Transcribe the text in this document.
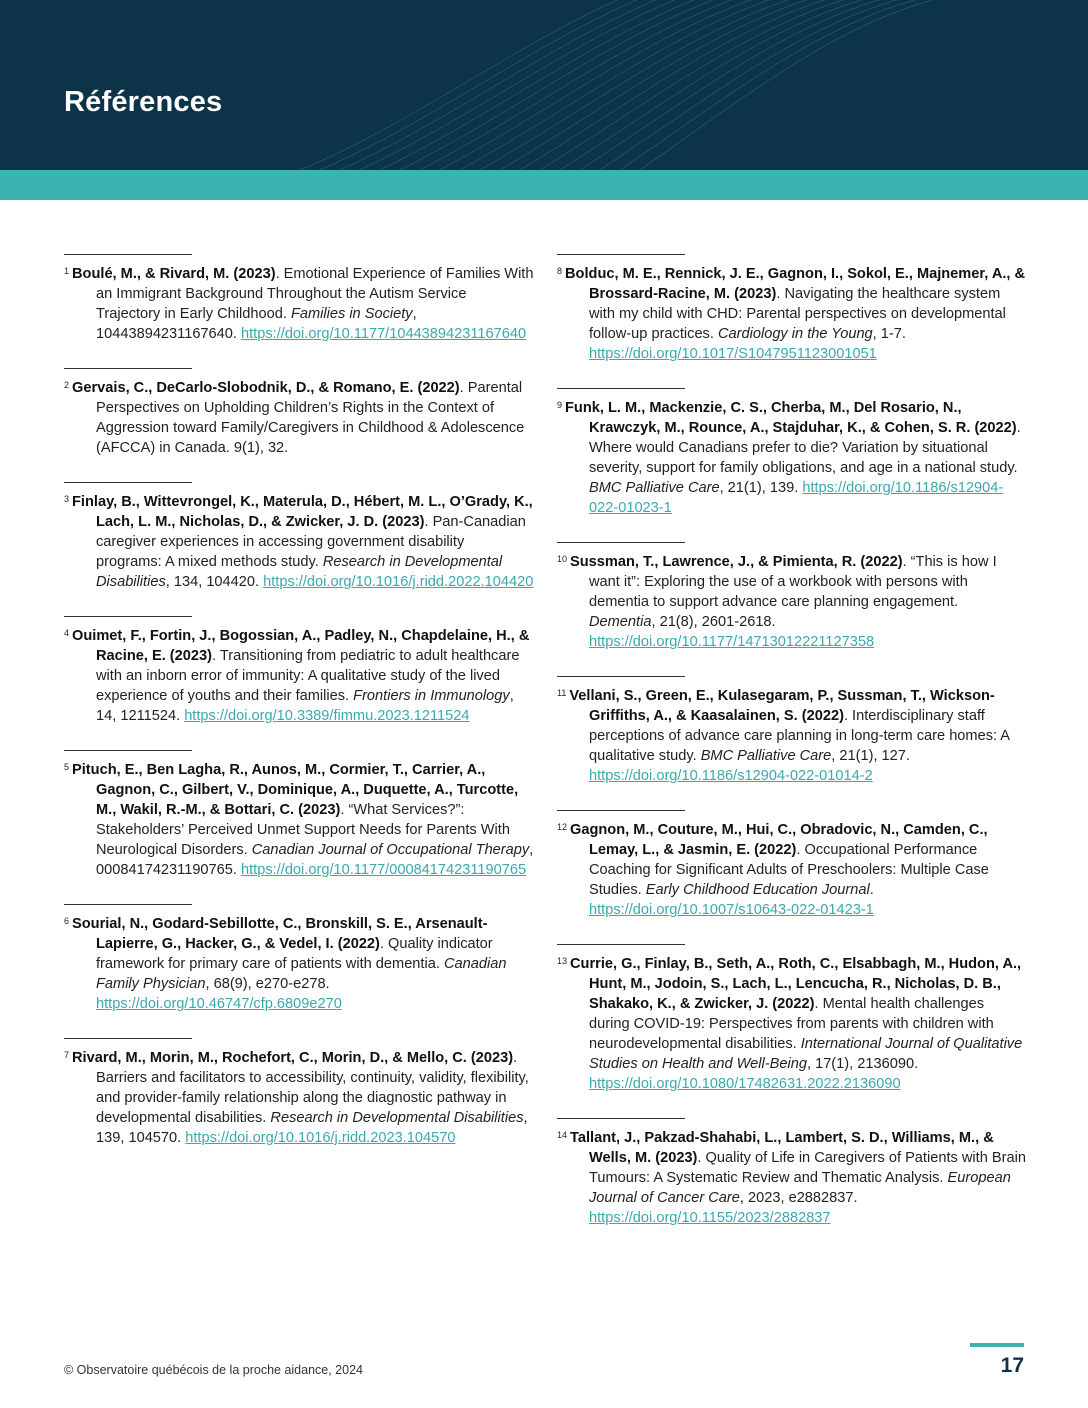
Références
$^1$ Boulé, M., & Rivard, M. (2023). Emotional Experience of Families With an Immigrant Background Throughout the Autism Service Trajectory in Early Childhood. Families in Society, 10443894231167640. https://doi.org/10.1177/10443894231167640
$^2$ Gervais, C., DeCarlo-Slobodnik, D., & Romano, E. (2022). Parental Perspectives on Upholding Children’s Rights in the Context of Aggression toward Family/Caregivers in Childhood & Adolescence (AFCCA) in Canada. 9(1), 32.
$^3$ Finlay, B., Wittevrongel, K., Materula, D., Hébert, M. L., O’Grady, K., Lach, L. M., Nicholas, D., & Zwicker, J. D. (2023). Pan-Canadian caregiver experiences in accessing government disability programs: A mixed methods study. Research in Developmental Disabilities, 134, 104420. https://doi.org/10.1016/j.ridd.2022.104420
$^4$ Ouimet, F., Fortin, J., Bogossian, A., Padley, N., Chapdelaine, H., & Racine, E. (2023). Transitioning from pediatric to adult healthcare with an inborn error of immunity: A qualitative study of the lived experience of youths and their families. Frontiers in Immunology, 14, 1211524. https://doi.org/10.3389/fimmu.2023.1211524
$^5$ Pituch, E., Ben Lagha, R., Aunos, M., Cormier, T., Carrier, A., Gagnon, C., Gilbert, V., Dominique, A., Duquette, A., Turcotte, M., Wakil, R.-M., & Bottari, C. (2023). “What Services?”: Stakeholders’ Perceived Unmet Support Needs for Parents With Neurological Disorders. Canadian Journal of Occupational Therapy, 00084174231190765. https://doi.org/10.1177/00084174231190765
$^6$ Sourial, N., Godard-Sebillotte, C., Bronskill, S. E., Arsenault-Lapierre, G., Hacker, G., & Vedel, I. (2022). Quality indicator framework for primary care of patients with dementia. Canadian Family Physician, 68(9), e270-e278. https://doi.org/10.46747/cfp.6809e270
$^7$ Rivard, M., Morin, M., Rochefort, C., Morin, D., & Mello, C. (2023). Barriers and facilitators to accessibility, continuity, validity, flexibility, and provider-family relationship along the diagnostic pathway in developmental disabilities. Research in Developmental Disabilities, 139, 104570. https://doi.org/10.1016/j.ridd.2023.104570
$^8$ Bolduc, M. E., Rennick, J. E., Gagnon, I., Sokol, E., Majnemer, A., & Brossard-Racine, M. (2023). Navigating the healthcare system with my child with CHD: Parental perspectives on developmental follow-up practices. Cardiology in the Young, 1-7. https://doi.org/10.1017/S1047951123001051
$^9$ Funk, L. M., Mackenzie, C. S., Cherba, M., Del Rosario, N., Krawczyk, M., Rounce, A., Stajduhar, K., & Cohen, S. R. (2022). Where would Canadians prefer to die? Variation by situational severity, support for family obligations, and age in a national study. BMC Palliative Care, 21(1), 139. https://doi.org/10.1186/s12904-022-01023-1
$^{10}$ Sussman, T., Lawrence, J., & Pimienta, R. (2022). “This is how I want it”: Exploring the use of a workbook with persons with dementia to support advance care planning engagement. Dementia, 21(8), 2601-2618. https://doi.org/10.1177/14713012221127358
$^{11}$ Vellani, S., Green, E., Kulasegaram, P., Sussman, T., Wickson-Griffiths, A., & Kaasalainen, S. (2022). Interdisciplinary staff perceptions of advance care planning in long-term care homes: A qualitative study. BMC Palliative Care, 21(1), 127. https://doi.org/10.1186/s12904-022-01014-2
$^{12}$ Gagnon, M., Couture, M., Hui, C., Obradovic, N., Camden, C., Lemay, L., & Jasmin, E. (2022). Occupational Performance Coaching for Significant Adults of Preschoolers: Multiple Case Studies. Early Childhood Education Journal. https://doi.org/10.1007/s10643-022-01423-1
$^{13}$ Currie, G., Finlay, B., Seth, A., Roth, C., Elsabbagh, M., Hudon, A., Hunt, M., Jodoin, S., Lach, L., Lencucha, R., Nicholas, D. B., Shakako, K., & Zwicker, J. (2022). Mental health challenges during COVID-19: Perspectives from parents with children with neurodevelopmental disabilities. International Journal of Qualitative Studies on Health and Well-Being, 17(1), 2136090. https://doi.org/10.1080/17482631.2022.2136090
$^{14}$ Tallant, J., Pakzad-Shahabi, L., Lambert, S. D., Williams, M., & Wells, M. (2023). Quality of Life in Caregivers of Patients with Brain Tumours: A Systematic Review and Thematic Analysis. European Journal of Cancer Care, 2023, e2882837. https://doi.org/10.1155/2023/2882837
© Observatoire québécois de la proche aidance, 2024	17
